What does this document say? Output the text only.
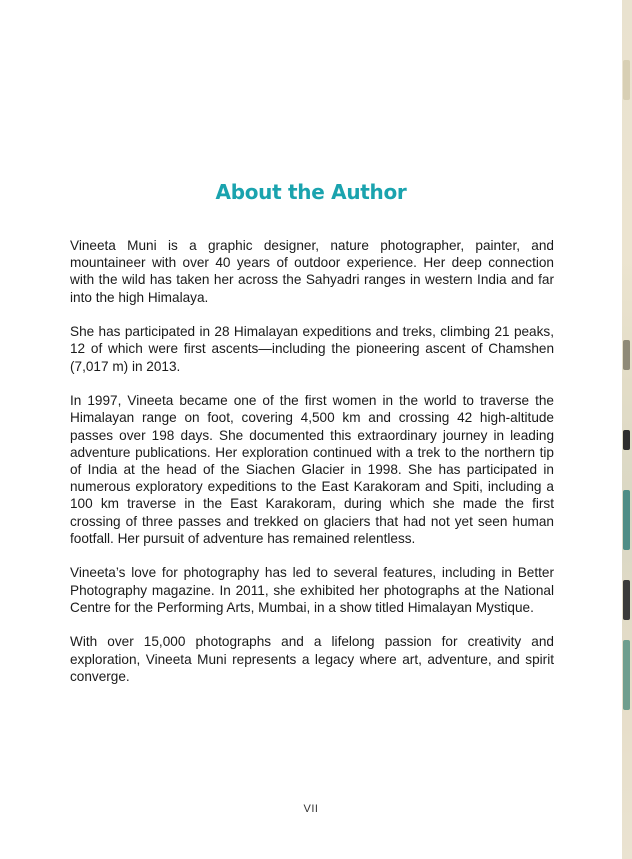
About the Author

Vineeta Muni is a graphic designer, nature photographer, painter, and mountaineer with over 40 years of outdoor experience. Her deep connection with the wild has taken her across the Sahyadri ranges in western India and far into the high Himalaya.

She has participated in 28 Himalayan expeditions and treks, climbing 21 peaks, 12 of which were first ascents—including the pioneering ascent of Chamshen (7,017 m) in 2013.

In 1997, Vineeta became one of the first women in the world to traverse the Himalayan range on foot, covering 4,500 km and crossing 42 high-altitude passes over 198 days. She documented this extraordinary journey in leading adventure publications. Her exploration continued with a trek to the northern tip of India at the head of the Siachen Glacier in 1998. She has participated in numerous exploratory expeditions to the East Karakoram and Spiti, including a 100 km traverse in the East Karakoram, during which she made the first crossing of three passes and trekked on glaciers that had not yet seen human footfall. Her pursuit of adventure has remained relentless.

Vineeta’s love for photography has led to several features, including in Better Photography magazine. In 2011, she exhibited her photographs at the National Centre for the Performing Arts, Mumbai, in a show titled Himalayan Mystique.

With over 15,000 photographs and a lifelong passion for creativity and exploration, Vineeta Muni represents a legacy where art, adventure, and spirit converge.

VII
